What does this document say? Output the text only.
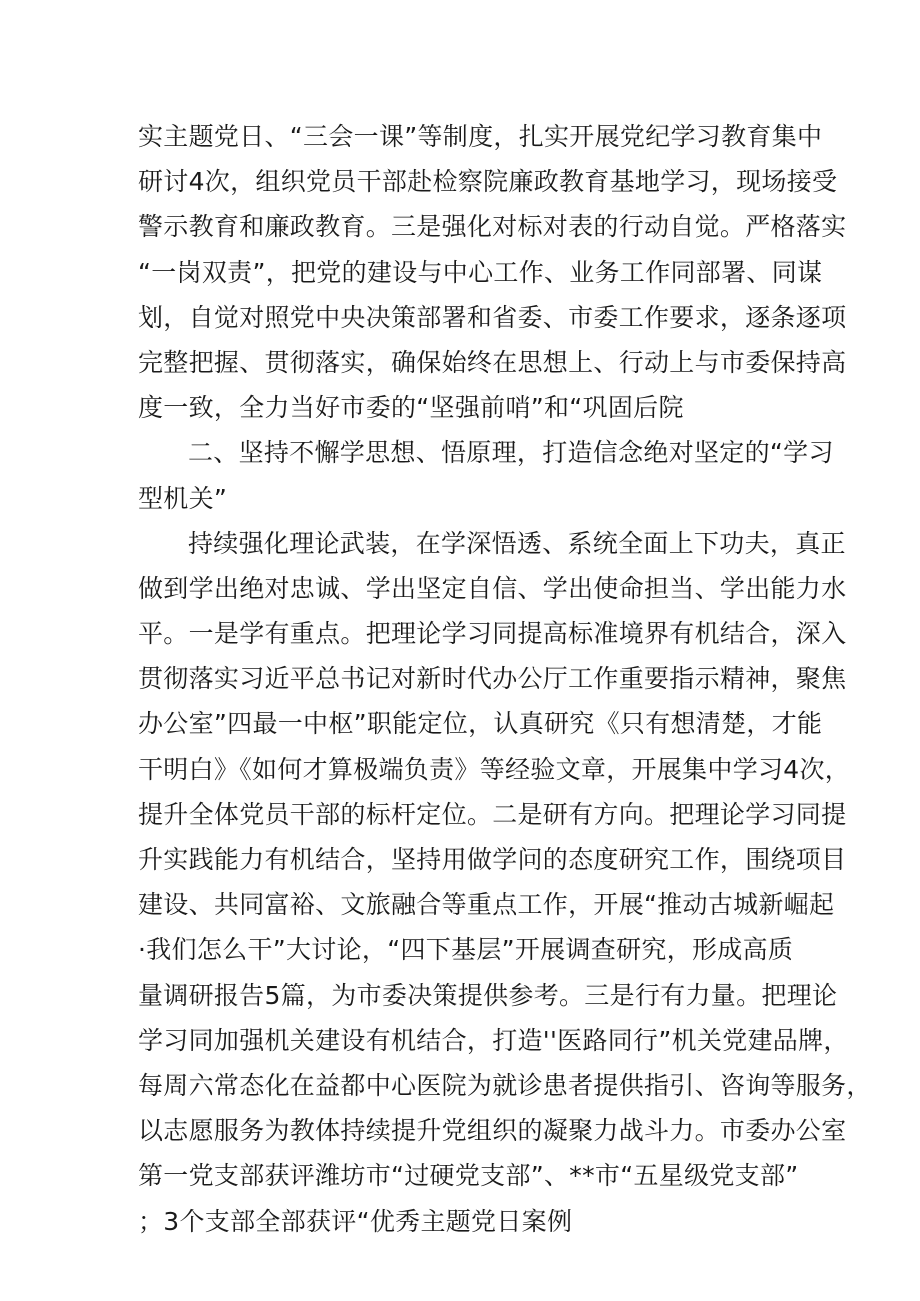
实主题党日、“三会一课”等制度，扎实开展党纪学习教育集中
研讨4次，组织党员干部赴检察院廉政教育基地学习，现场接受
警示教育和廉政教育。三是强化对标对表的行动自觉。严格落实
“一岗双责”，把党的建设与中心工作、业务工作同部署、同谋
划，自觉对照党中央决策部署和省委、市委工作要求，逐条逐项
完整把握、贯彻落实，确保始终在思想上、行动上与市委保持高
度一致，全力当好市委的“坚强前哨”和“巩固后院
二、坚持不懈学思想、悟原理，打造信念绝对坚定的“学习
型机关”
持续强化理论武装，在学深悟透、系统全面上下功夫，真正
做到学出绝对忠诚、学出坚定自信、学出使命担当、学出能力水
平。一是学有重点。把理论学习同提高标准境界有机结合，深入
贯彻落实习近平总书记对新时代办公厅工作重要指示精神，聚焦
办公室”四最一中枢”职能定位，认真研究《只有想清楚，才能
干明白》《如何才算极端负责》等经验文章，开展集中学习4次，
提升全体党员干部的标杆定位。二是研有方向。把理论学习同提
升实践能力有机结合，坚持用做学问的态度研究工作，围绕项目
建设、共同富裕、文旅融合等重点工作，开展“推动古城新崛起
·我们怎么干”大讨论，“四下基层”开展调查研究，形成高质
量调研报告5篇，为市委决策提供参考。三是行有力量。把理论
学习同加强机关建设有机结合，打造''医路同行”机关党建品牌，
每周六常态化在益都中心医院为就诊患者提供指引、咨询等服务，
以志愿服务为教体持续提升党组织的凝聚力战斗力。市委办公室
第一党支部获评潍坊市“过硬党支部”、**市“五星级党支部”
；3个支部全部获评“优秀主题党日案例
